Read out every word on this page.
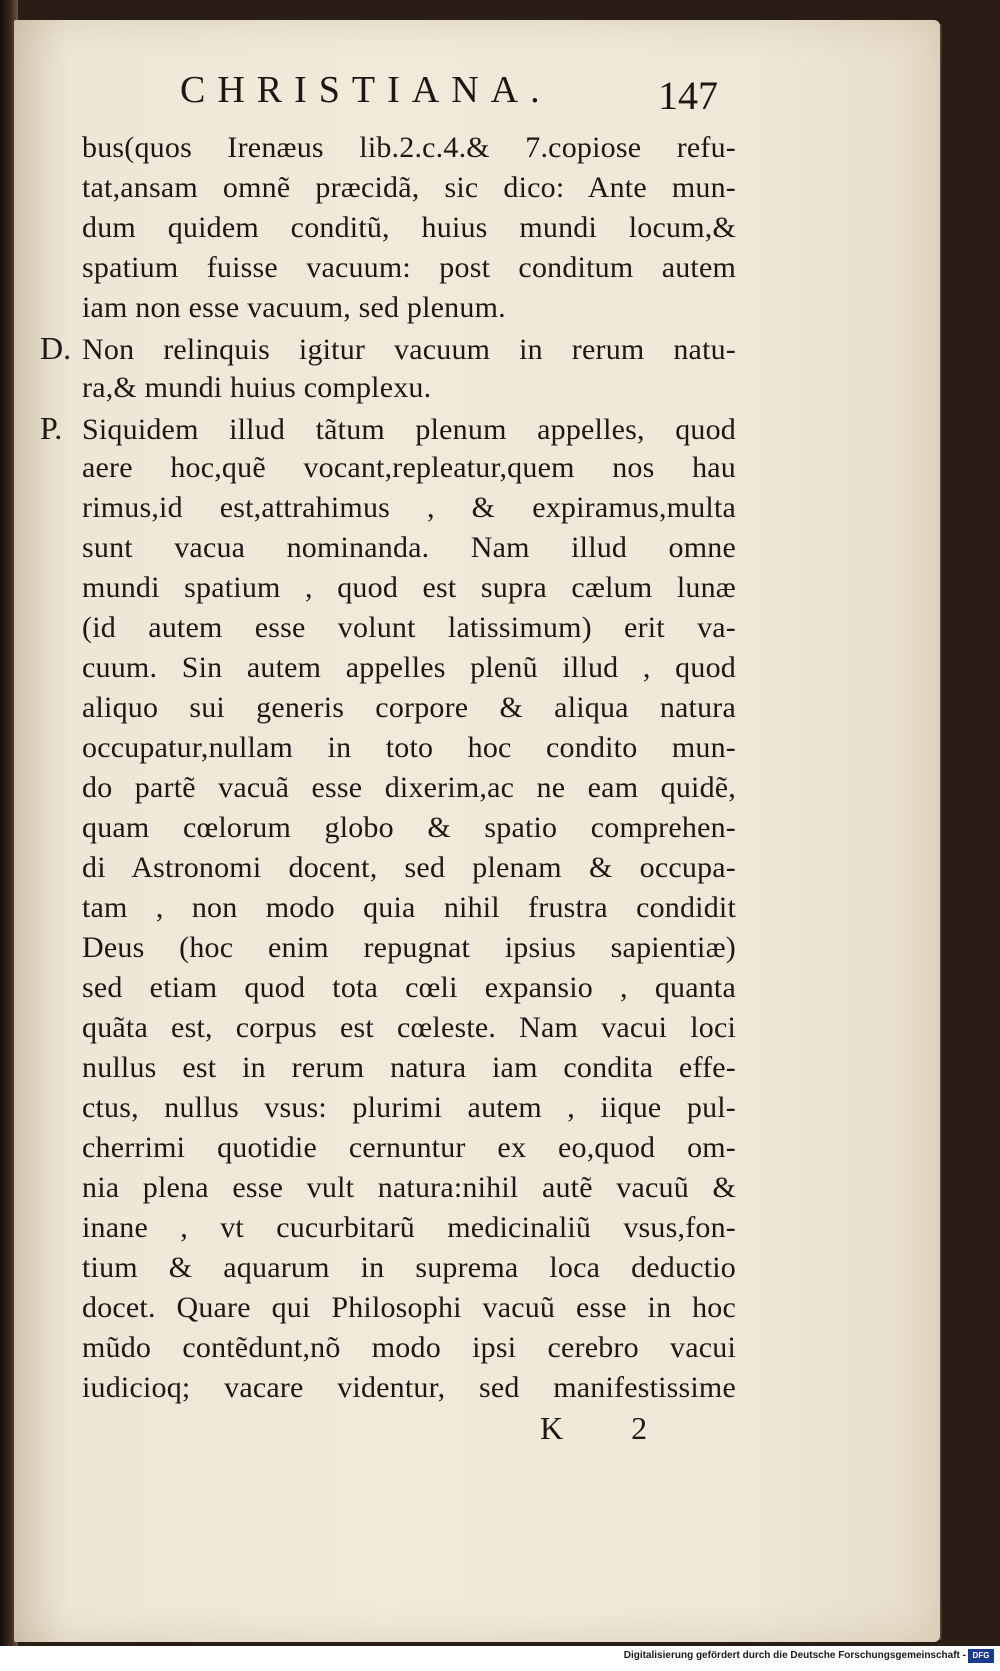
CHRISTIANA.	147
bus(quos Irenæus lib.2.c.4.& 7.copiose refu-
tat,ansam omnẽ præcidã, sic dico: Ante mun-
dum quidem conditũ, huius mundi locum,&
spatium fuisse vacuum: post conditum autem
iam non esse vacuum, sed plenum.
D. Non relinquis igitur vacuum in rerum natu-
ra,& mundi huius complexu.
P. Siquidem illud tãtum plenum appelles, quod
aere hoc,quẽ vocant,repleatur,quem nos hau
rimus,id est,attrahimus , & expiramus,multa
sunt vacua nominanda. Nam illud omne
mundi spatium , quod est supra cælum lunæ
(id autem esse volunt latissimum) erit va-
cuum. Sin autem appelles plenũ illud , quod
aliquo sui generis corpore & aliqua natura
occupatur,nullam in toto hoc condito mun-
do partẽ vacuã esse dixerim,ac ne eam quidẽ,
quam cœlorum globo & spatio comprehen-
di Astronomi docent, sed plenam & occupa-
tam , non modo quia nihil frustra condidit
Deus (hoc enim repugnat ipsius sapientiæ)
sed etiam quod tota cœli expansio , quanta
quãta est, corpus est cœleste. Nam vacui loci
nullus est in rerum natura iam condita effe-
ctus, nullus vsus: plurimi autem , iique pul-
cherrimi quotidie cernuntur ex eo,quod om-
nia plena esse vult natura:nihil autẽ vacuũ &
inane , vt cucurbitarũ medicinaliũ vsus,fon-
tium & aquarum in suprema loca deductio
docet. Quare qui Philosophi vacuũ esse in hoc
mũdo contẽdunt,nõ modo ipsi cerebro vacui
iudicioq; vacare videntur, sed manifestissime
K 2
Digitalisierung gefördert durch die Deutsche Forschungsgemeinschaft - DFG
